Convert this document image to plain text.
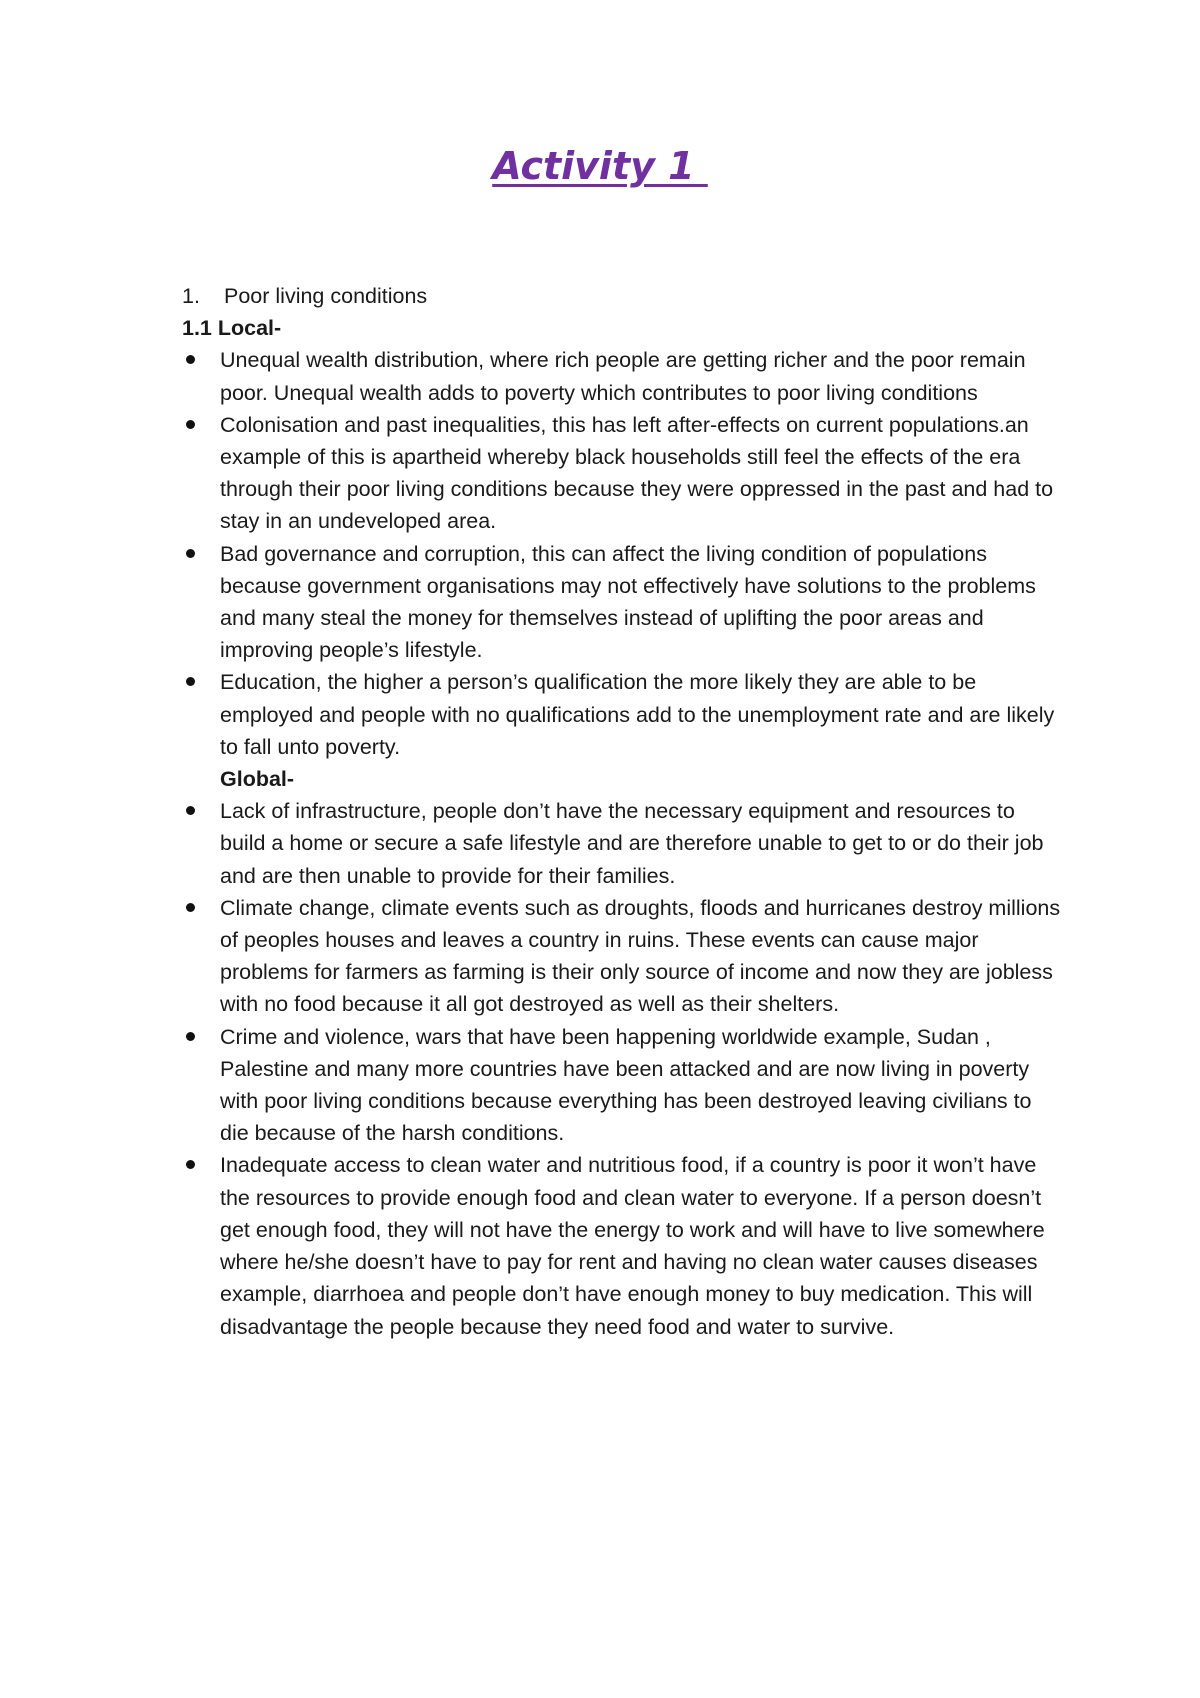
Activity 1

1.	Poor living conditions

1.1 Local-

Unequal wealth distribution, where rich people are getting richer and the poor remain poor. Unequal wealth adds to poverty which contributes to poor living conditions
Colonisation and past inequalities, this has left after-effects on current populations.an example of this is apartheid whereby black households still feel the effects of the era through their poor living conditions because they were oppressed in the past and had to stay in an undeveloped area.
Bad governance and corruption, this can affect the living condition of populations because government organisations may not effectively have solutions to the problems and many steal the money for themselves instead of uplifting the poor areas and improving people’s lifestyle.
Education, the higher a person’s qualification the more likely they are able to be employed and people with no qualifications add to the unemployment rate and are likely to fall unto poverty.

Global-

Lack of infrastructure, people don’t have the necessary equipment and resources to build a home or secure a safe lifestyle and are therefore unable to get to or do their job and are then unable to provide for their families.
Climate change, climate events such as droughts, floods and hurricanes destroy millions of peoples houses and leaves a country in ruins. These events can cause major problems for farmers as farming is their only source of income and now they are jobless with no food because it all got destroyed as well as their shelters.
Crime and violence, wars that have been happening worldwide example, Sudan , Palestine and many more countries have been attacked and are now living in poverty with poor living conditions because everything has been destroyed leaving civilians to die because of the harsh conditions.
Inadequate access to clean water and nutritious food, if a country is poor it won’t have the resources to provide enough food and clean water to everyone. If a person doesn’t get enough food, they will not have the energy to work and will have to live somewhere where he/she doesn’t have to pay for rent and having no clean water causes diseases example, diarrhoea and people don’t have enough money to buy medication. This will disadvantage the people because they need food and water to survive.
